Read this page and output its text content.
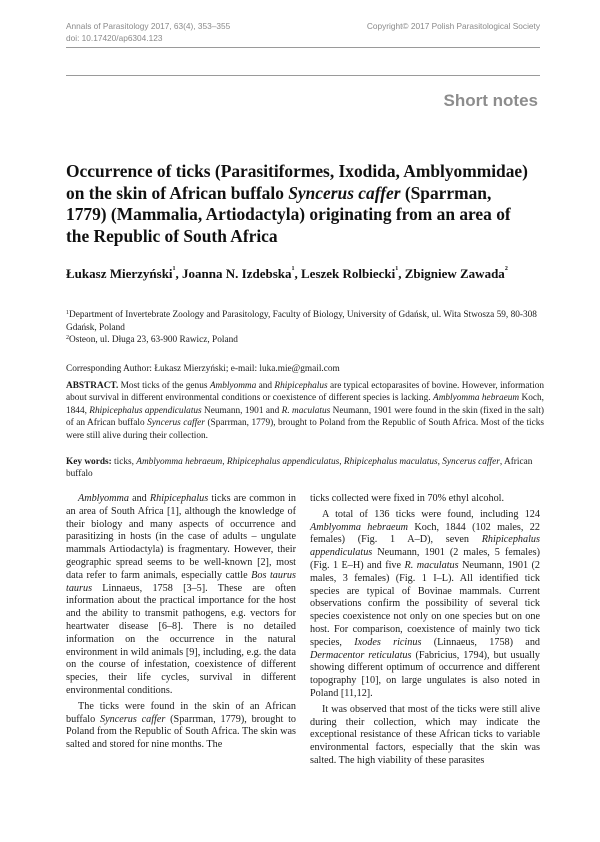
Annals of Parasitology 2017, 63(4), 353–355
doi: 10.17420/ap6304.123
Copyright© 2017 Polish Parasitological Society
Short notes
Occurrence of ticks (Parasitiformes, Ixodida, Amblyommidae) on the skin of African buffalo Syncerus caffer (Sparrman, 1779) (Mammalia, Artiodactyla) originating from an area of the Republic of South Africa
Łukasz Mierzyński$^1$, Joanna N. Izdebska$^1$, Leszek Rolbiecki$^1$, Zbigniew Zawada$^2$
$^1$Department of Invertebrate Zoology and Parasitology, Faculty of Biology, University of Gdańsk, ul. Wita Stwosza 59, 80-308 Gdańsk, Poland
$^2$Osteon, ul. Długa 23, 63-900 Rawicz, Poland
Corresponding Author: Łukasz Mierzyński; e-mail: luka.mie@gmail.com
ABSTRACT. Most ticks of the genus Amblyomma and Rhipicephalus are typical ectoparasites of bovine. However, information about survival in different environmental conditions or coexistence of different species is lacking. Amblyomma hebraeum Koch, 1844, Rhipicephalus appendiculatus Neumann, 1901 and R. maculatus Neumann, 1901 were found in the skin (fixed in the salt) of an African buffalo Syncerus caffer (Sparrman, 1779), brought to Poland from the Republic of South Africa. Most of the ticks were still alive during their collection.
Key words: ticks, Amblyomma hebraeum, Rhipicephalus appendiculatus, Rhipicephalus maculatus, Syncerus caffer, African buffalo

Amblyomma and Rhipicephalus ticks are common in an area of South Africa [1], although the knowledge of their biology and many aspects of occurrence and parasitizing in hosts (in the case of adults – ungulate mammals Artiodactyla) is fragmentary. However, their geographic spread seems to be well-known [2], most data refer to farm animals, especially cattle Bos taurus taurus Linnaeus, 1758 [3–5]. These are often information about the practical importance for the host and the ability to transmit pathogens, e.g. vectors for heartwater disease [6–8]. There is no detailed information on the occurrence in the natural environment in wild animals [9], including, e.g. the data on the course of infestation, coexistence of different species, their life cycles, survival in different environmental conditions.

The ticks were found in the skin of an African buffalo Syncerus caffer (Sparrman, 1779), brought to Poland from the Republic of South Africa. The skin was salted and stored for nine months. The

ticks collected were fixed in 70% ethyl alcohol.

A total of 136 ticks were found, including 124 Amblyomma hebraeum Koch, 1844 (102 males, 22 females) (Fig. 1 A–D), seven Rhipicephalus appendiculatus Neumann, 1901 (2 males, 5 females) (Fig. 1 E–H) and five R. maculatus Neumann, 1901 (2 males, 3 females) (Fig. 1 I–L). All identified tick species are typical of Bovinae mammals. Current observations confirm the possibility of several tick species coexistence not only on one species but on one host. For comparison, coexistence of mainly two tick species, Ixodes ricinus (Linnaeus, 1758) and Dermacentor reticulatus (Fabricius, 1794), but usually showing different optimum of occurrence and different topography [10], on large ungulates is also noted in Poland [11,12].

It was observed that most of the ticks were still alive during their collection, which may indicate the exceptional resistance of these African ticks to variable environmental factors, especially that the skin was salted. The high viability of these parasites
